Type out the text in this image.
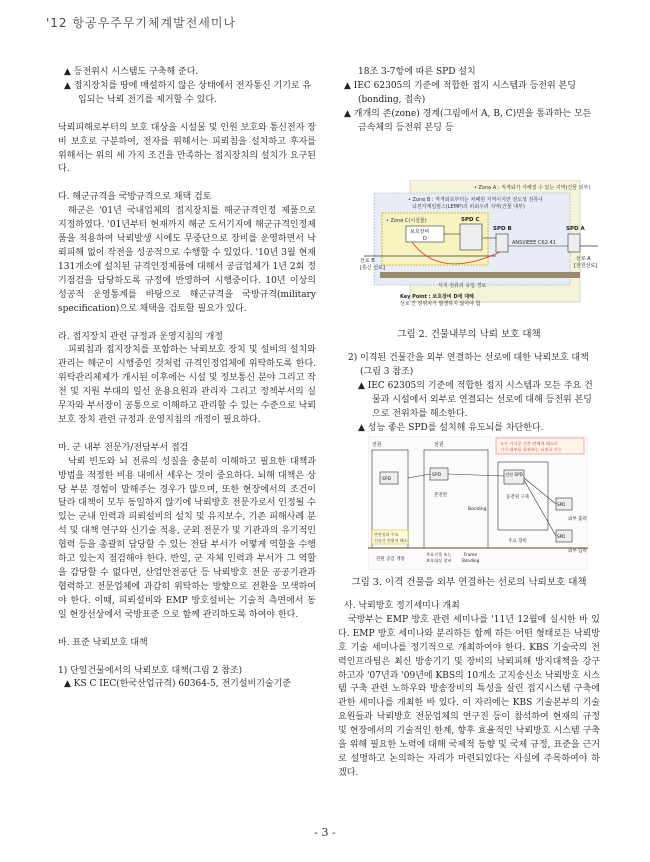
'12 항공우주무기체계발전세미나

▲ 등전위시 시스템도 구축해 준다.

▲ 접지장치를 땅에 매설하지 않은 상태에서 전자통신 기기로 유입되는 낙뢰 전기를 제거할 수 있다.

낙뢰피해로부터의 보호 대상을 시설물 및 인원 보호와 통신전자 장비 보호로 구분하여, 전자를 위해서는 피뢰침을 설치하고 후자를 위해서는 위의 세 가지 조건을 만족하는 접지장치의 설치가 요구된다.

다. 해군규격을 국방규격으로 채택 검토

해군은 '01년 국내업체의 접지장치를 해군규격인정 제품으로 지정하였다. '01년부터 현재까지 해군 도서기지에 해군규격인정제품을 적용하여 낙뢰발생 시에도 무중단으로 장비를 운영하면서 낙뢰피해 없이 작전을 성공적으로 수행할 수 있었다. '10년 3월 현재 131개소에 설치된 규격인정제품에 대해서 공급업체가 1년 2회 정기점검을 담당하도록 규정에 반영하여 시행중이다. 10년 이상의 성공적 운영통계를 바탕으로 해군규격을 국방규격(military specification)으로 채택을 검토할 필요가 있다.

라. 접지장치 관련 규정과 운영지침의 개정

피뢰침과 접지장치를 포함하는 낙뢰보호 장치 및 설비의 설치와 관리는 해군이 시행중인 것처럼 규격인정업체에 위탁하도록 한다. 위탁관리체제가 개시된 이후에는 시설 및 정보통신 분야 그리고 작전 및 지원 부대의 일선 운용요원과 관리자 그리고 정책부서의 실무자와 부서장이 공통으로 이해하고 관리할 수 있는 수준으로 낙뢰보호 장치 관련 규정과 운영지침의 개정이 필요하다.

마. 군 내부 전문가/전담부서 접검

낙뢰 빈도와 뇌 전류의 성질을 충분히 이해하고 필요한 대책과 방법을 적정한 비용 내에서 세우는 것이 중요하다. 뇌해 대책은 상당 부분 경험이 말해주는 경우가 많으며, 또한 현장에서의 조건이 달라 대책이 모두 동일하지 않기에 낙뢰방호 전문가로서 인정될 수 있는 군내 인력과 피뢰설비의 설치 및 유지보수, 기존 피해사례 분석 및 대책 연구와 신기술 적용, 군외 전문가 및 기관과의 유기적인 협력 등을 총괄히 담당할 수 있는 전담 부서가 어떻게 역할을 수행하고 있는지 점검해야 한다. 반일, 군 자체 인력과 부서가 그 역할을 감당할 수 없다면, 산업안전공단 등 낙뢰방호 전문 공공기관과 협력하고 전문업체에 과감히 위탁하는 방향으로 전환을 모색하여야 한다. 이때, 피뢰설비와 EMP 방호설비는 기술적 측면에서 동일 현장선상에서 국방표준 으로 함께 관리하도록 하여야 한다.

바. 표준 낙뢰보호 대책

1) 단일건물에서의 낙뢰보호 대책(그림 2 참조)

▲ KS C IEC(한국산업규격) 60364-5, 전기설비기술기준

18조 3-7항에 따른 SPD 설치

▲ IEC 62305의 기준에 적합한 접지 시스템과 등전위 본딩(bonding, 접속)

▲ 개개의 존(zone) 경계(그림에서 A, B, C)면을 통과하는 모든 금속체의 등전위 본딩 등

• Zone A : 직격뢰가 가해질 수 있는 지역(건물 외부)
• Zone B : 직격뢰로부터는 차폐된 지역이지만 전도성 전류나
뇌전자계임펄스(LEMP)의 피뢰우려 지역(건물 내부)
• Zone C(시설물)
보호장비
D
SPD C
SPD B	SPD A
ANSI/IEEE C62.41
선로 B
[통신 선로]
선로 A
[전원선로]
서지 전류의 유입 경로
Key Point : 보호장비 D에 대해
선로 간 전위차가 발생하지 않아야 함
그림 2. 건물내부의 낙뢰 보호 대책

2) 이격된 건물간을 외부 연결하는 선로에 대한 낙뢰보호 대책(그림 3 참조)

▲ IEC 62305의 기준에 적합한 접지 시스템과 모든 주요 건물과 시설에서 외부로 연결되는 선로에 대해 등전위 본딩으로 전위차를 해소한다.

▲ 성능 좋은 SPD를 설치해 유도뇌를 차단한다.

전원	전원
SPD
SPD
분전반
모든 가거운 선은 전체적 폐소로
기기 대부를 통과하는 뇌전로 가능
전원 SPD
등전위 구축
Bonding
SPD
외부 출력
SPD
외부 입력
변전실과 주요
건물간 전위차 해소
전원 공급 계통
주요건물 또는
보호대상 장비
Frame
Bonding
주요 장비
그림 3. 이격 건물을 외부 연결하는 선로의 낙뢰보호 대책

사. 낙뢰방호 정기세미나 개최

국방부는 EMP 방호 관련 세미나를 '11년 12월에 실시한 바 있다. EMP 방호 세미나와 분리하든 함께 하든 어떤 형태로든 낙뢰방호 기술 세미나를 정기적으로 개최하여야 한다. KBS 기술국의 전력인프라팀은 최신 방송기기 및 장비의 낙뢰피해 방지대책을 강구하고자 '07년과 '09년에 KBS의 10개소 고지송신소 낙뢰방호 시스템 구축 관련 노하우와 방송장비의 특성을 살린 접지시스템 구축에 관한 세미나를 개최한 바 있다. 이 자리에는 KBS 기술본부의 기술요원들과 낙뢰방호 전문업체의 연구진 등이 참석하여 현재의 규정 및 현장에서의 기술적인 한계, 향후 효율적인 낙뢰방호 시스템 구축을 위해 필요한 노력에 대해 국제적 동향 및 국제 규정, 표준을 근거로 설명하고 논의하는 자리가 마련되었다는 사실에 주목하여야 하겠다.

- 3 -
